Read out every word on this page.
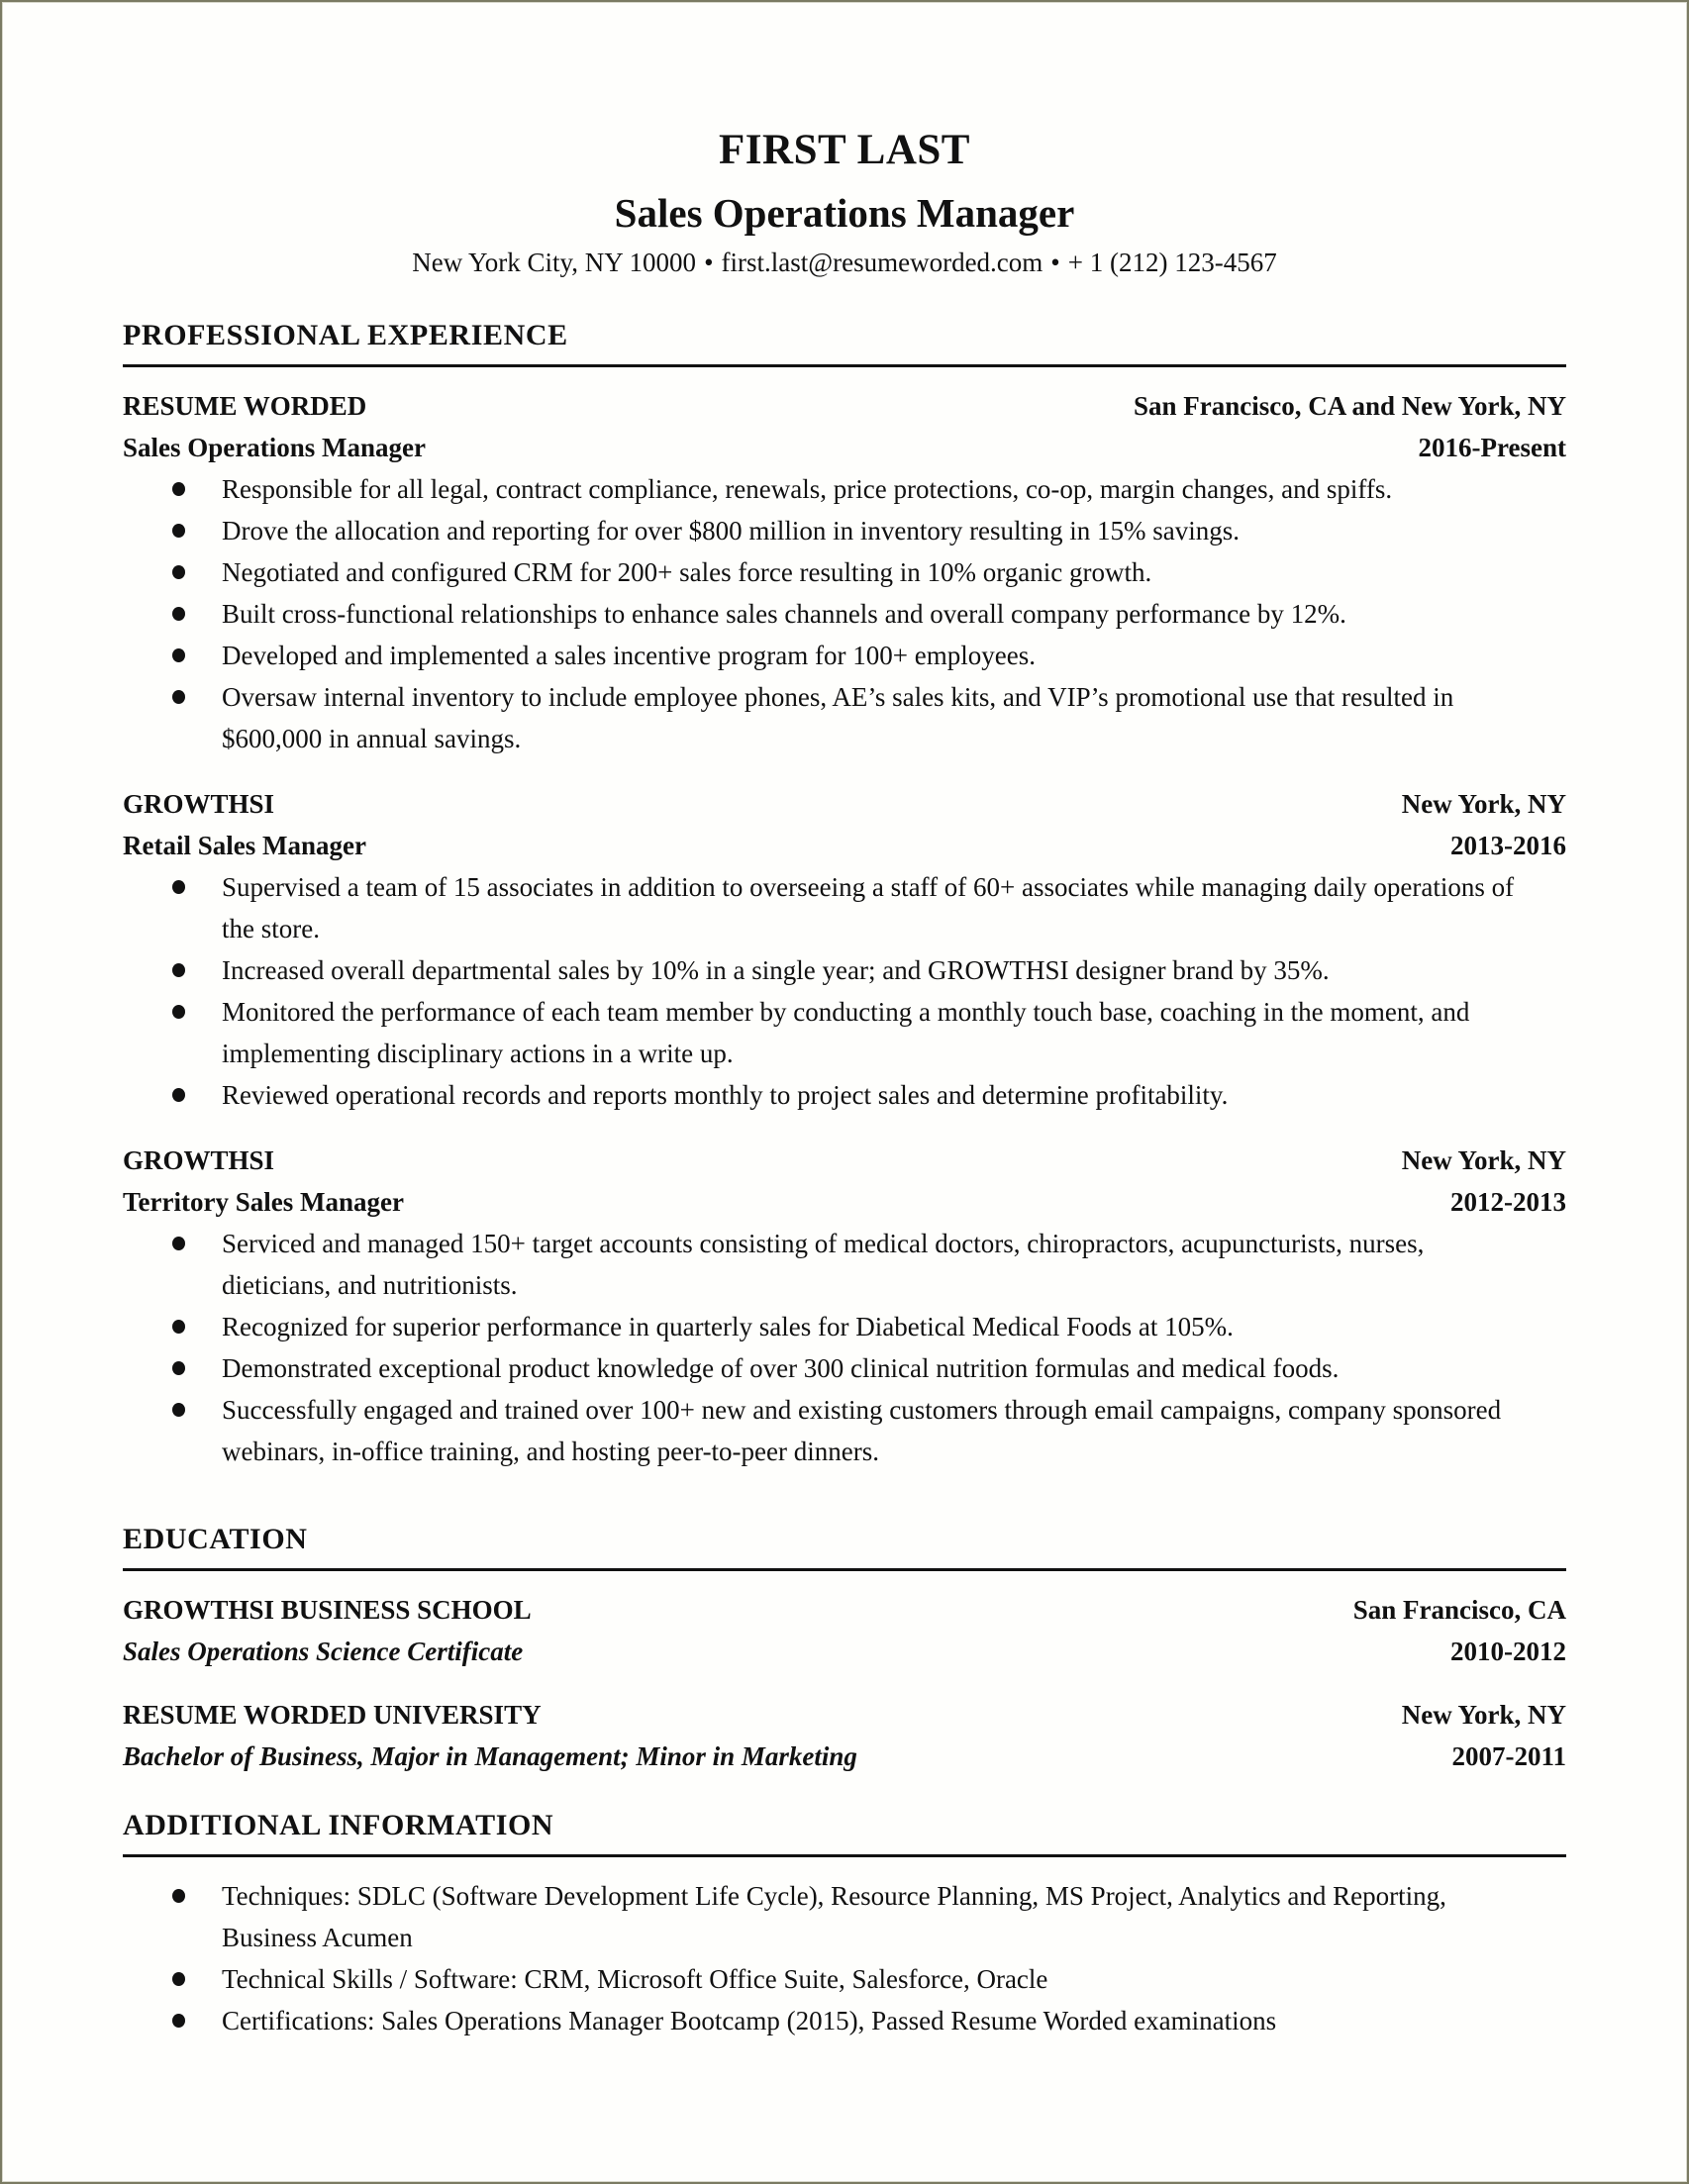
FIRST LAST
Sales Operations Manager
New York City, NY 10000 • first.last@resumeworded.com • + 1 (212) 123-4567
PROFESSIONAL EXPERIENCE
RESUME WORDED	San Francisco, CA and New York, NY
Sales Operations Manager	2016-Present
Responsible for all legal, contract compliance, renewals, price protections, co-op, margin changes, and spiffs.
Drove the allocation and reporting for over $800 million in inventory resulting in 15% savings.
Negotiated and configured CRM for 200+ sales force resulting in 10% organic growth.
Built cross-functional relationships to enhance sales channels and overall company performance by 12%.
Developed and implemented a sales incentive program for 100+ employees.
Oversaw internal inventory to include employee phones, AE’s sales kits, and VIP’s promotional use that resulted in $600,000 in annual savings.
GROWTHSI	New York, NY
Retail Sales Manager	2013-2016
Supervised a team of 15 associates in addition to overseeing a staff of 60+ associates while managing daily operations of the store.
Increased overall departmental sales by 10% in a single year; and GROWTHSI designer brand by 35%.
Monitored the performance of each team member by conducting a monthly touch base, coaching in the moment, and implementing disciplinary actions in a write up.
Reviewed operational records and reports monthly to project sales and determine profitability.
GROWTHSI	New York, NY
Territory Sales Manager	2012-2013
Serviced and managed 150+ target accounts consisting of medical doctors, chiropractors, acupuncturists, nurses, dieticians, and nutritionists.
Recognized for superior performance in quarterly sales for Diabetical Medical Foods at 105%.
Demonstrated exceptional product knowledge of over 300 clinical nutrition formulas and medical foods.
Successfully engaged and trained over 100+ new and existing customers through email campaigns, company sponsored webinars, in-office training, and hosting peer-to-peer dinners.
EDUCATION
GROWTHSI BUSINESS SCHOOL	San Francisco, CA
Sales Operations Science Certificate	2010-2012
RESUME WORDED UNIVERSITY	New York, NY
Bachelor of Business, Major in Management; Minor in Marketing	2007-2011
ADDITIONAL INFORMATION
Techniques: SDLC (Software Development Life Cycle), Resource Planning, MS Project, Analytics and Reporting, Business Acumen
Technical Skills / Software: CRM, Microsoft Office Suite, Salesforce, Oracle
Certifications: Sales Operations Manager Bootcamp (2015), Passed Resume Worded examinations
